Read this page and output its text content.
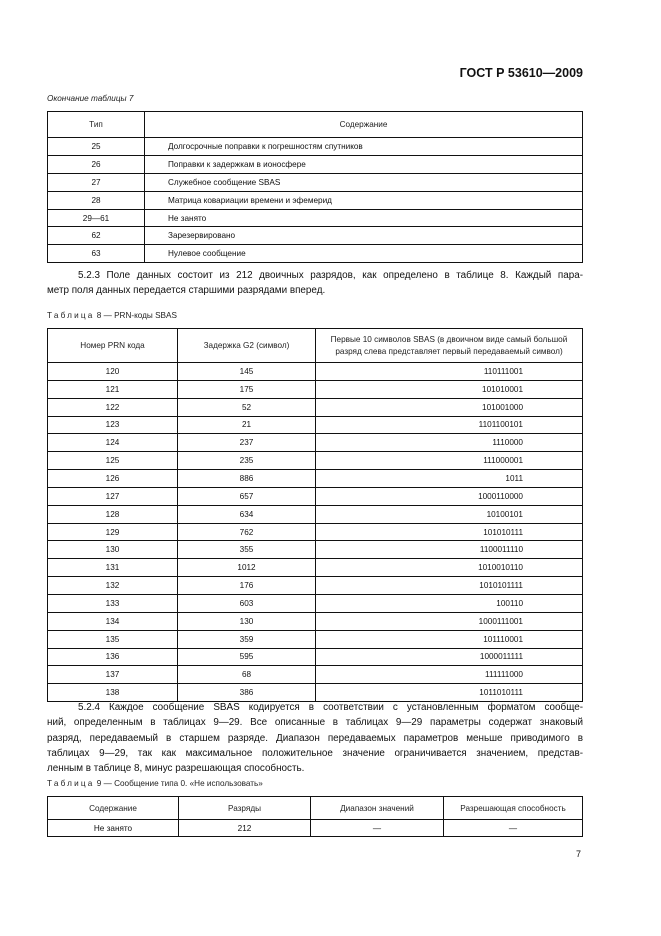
ГОСТ Р 53610—2009
Окончание таблицы 7
Тип	Содержание
25	Долгосрочные поправки к погрешностям спутников
26	Поправки к задержкам в ионосфере
27	Служебное сообщение SBAS
28	Матрица ковариации времени и эфемерид
29—61	Не занято
62	Зарезервировано
63	Нулевое сообщение

5.2.3 Поле данных состоит из 212 двоичных разрядов, как определено в таблице 8. Каждый пара-
метр поля данных передается старшими разрядами вперед.

Таблица 8 — PRN-коды SBAS
Номер PRN кода	Задержка G2 (символ)	Первые 10 символов SBAS (в двоичном виде самый большой разряд слева представляет первый передаваемый символ)
120	145	110111001
121	175	101010001
122	52	101001000
123	21	1101100101
124	237	1110000
125	235	111000001
126	886	1011
127	657	1000110000
128	634	10100101
129	762	101010111
130	355	1100011110
131	1012	1010010110
132	176	1010101111
133	603	100110
134	130	1000111001
135	359	101110001
136	595	1000011111
137	68	111111000
138	386	1011010111

5.2.4 Каждое сообщение SBAS кодируется в соответствии с установленным форматом сообще-
ний, определенным в таблицах 9—29. Все описанные в таблицах 9—29 параметры содержат знаковый
разряд, передаваемый в старшем разряде. Диапазон передаваемых параметров меньше приводимого в
таблицах 9—29, так как максимальное положительное значение ограничивается значением, представ-
ленным в таблице 8, минус разрешающая способность.

Таблица 9 — Сообщение типа 0. «Не использовать»
Содержание	Разряды	Диапазон значений	Разрешающая способность
Не занято	212	—	—
7
